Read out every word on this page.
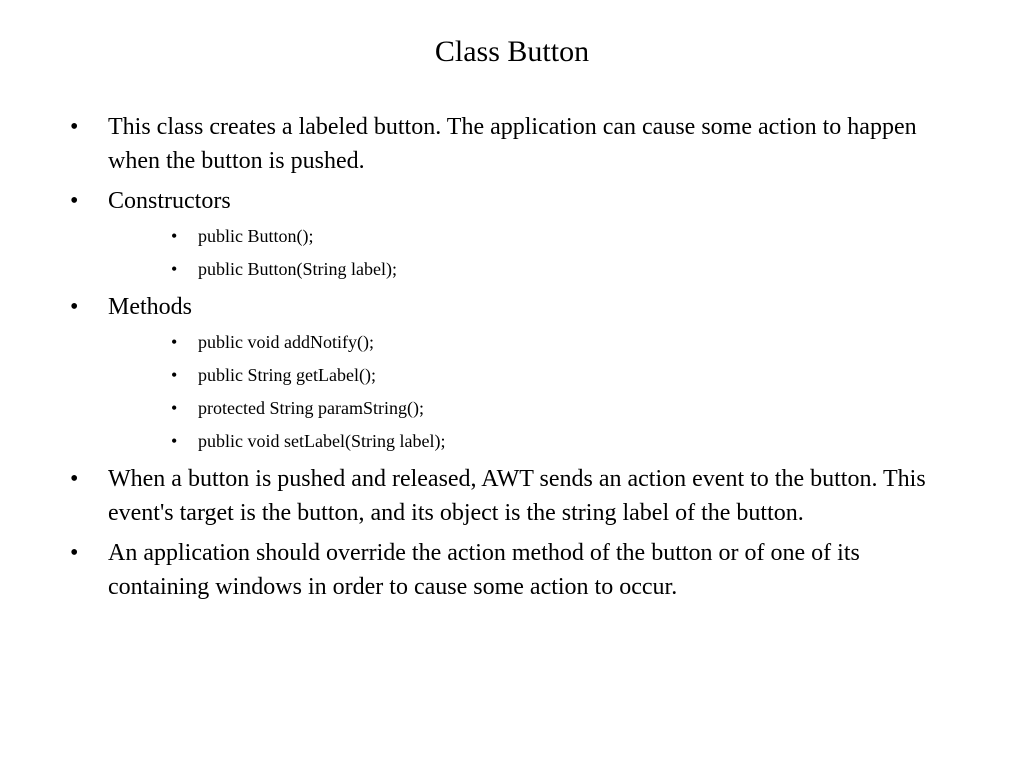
Class Button
•	This class creates a labeled button. The application can cause some action to happen when the button is pushed.
•	Constructors
•	public Button();
•	public Button(String label);
•	Methods
•	public void addNotify();
•	public String getLabel();
•	protected String paramString();
•	public void setLabel(String label);
•	When a button is pushed and released, AWT sends an action event to the button. This event's target is the button, and its object is the string label of the button.
•	An application should override the action method of the button or of one of its containing windows in order to cause some action to occur.
